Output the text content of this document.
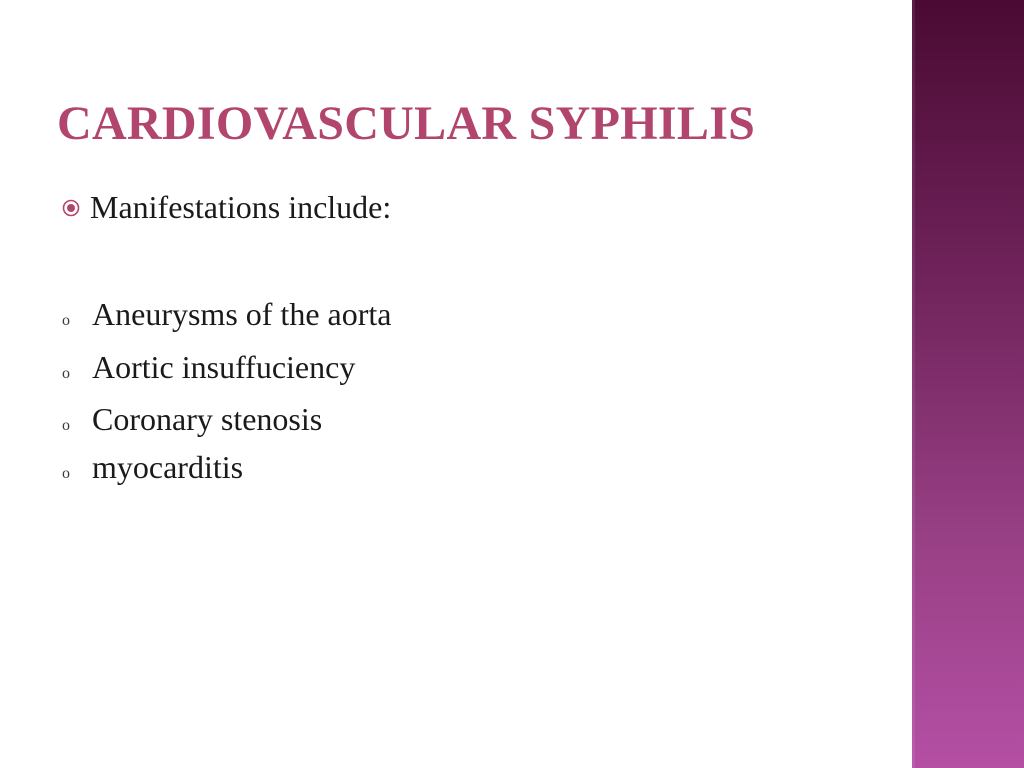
CARDIOVASCULAR SYPHILIS
Manifestations include:
o Aneurysms of the aorta
o Aortic insuffuciency
o Coronary stenosis
o myocarditis
